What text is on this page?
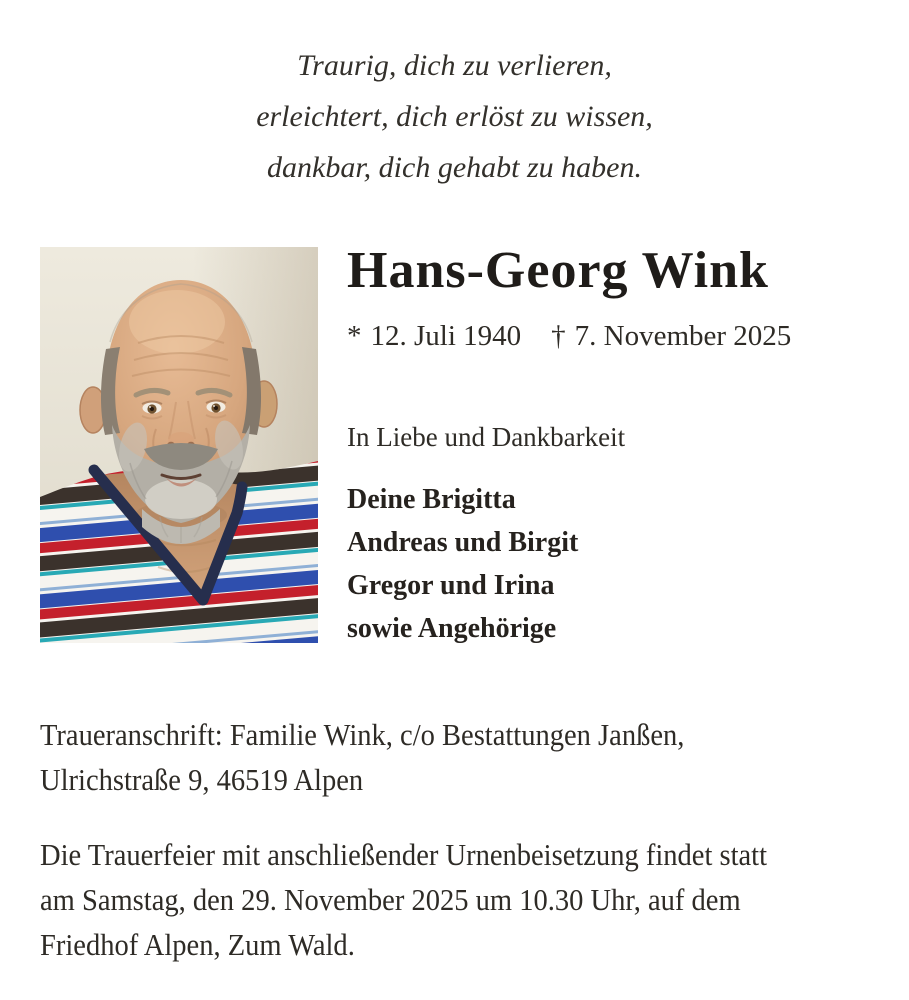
Traurig, dich zu verlieren,
erleichtert, dich erlöst zu wissen,
dankbar, dich gehabt zu haben.
Hans-Georg Wink
* 12. Juli 1940 † 7. November 2025
In Liebe und Dankbarkeit
Deine Brigitta
Andreas und Birgit
Gregor und Irina
sowie Angehörige
Traueranschrift: Familie Wink, c/o Bestattungen Janßen,
Ulrichstraße 9, 46519 Alpen
Die Trauerfeier mit anschließender Urnenbeisetzung findet statt
am Samstag, den 29. November 2025 um 10.30 Uhr, auf dem
Friedhof Alpen, Zum Wald.
